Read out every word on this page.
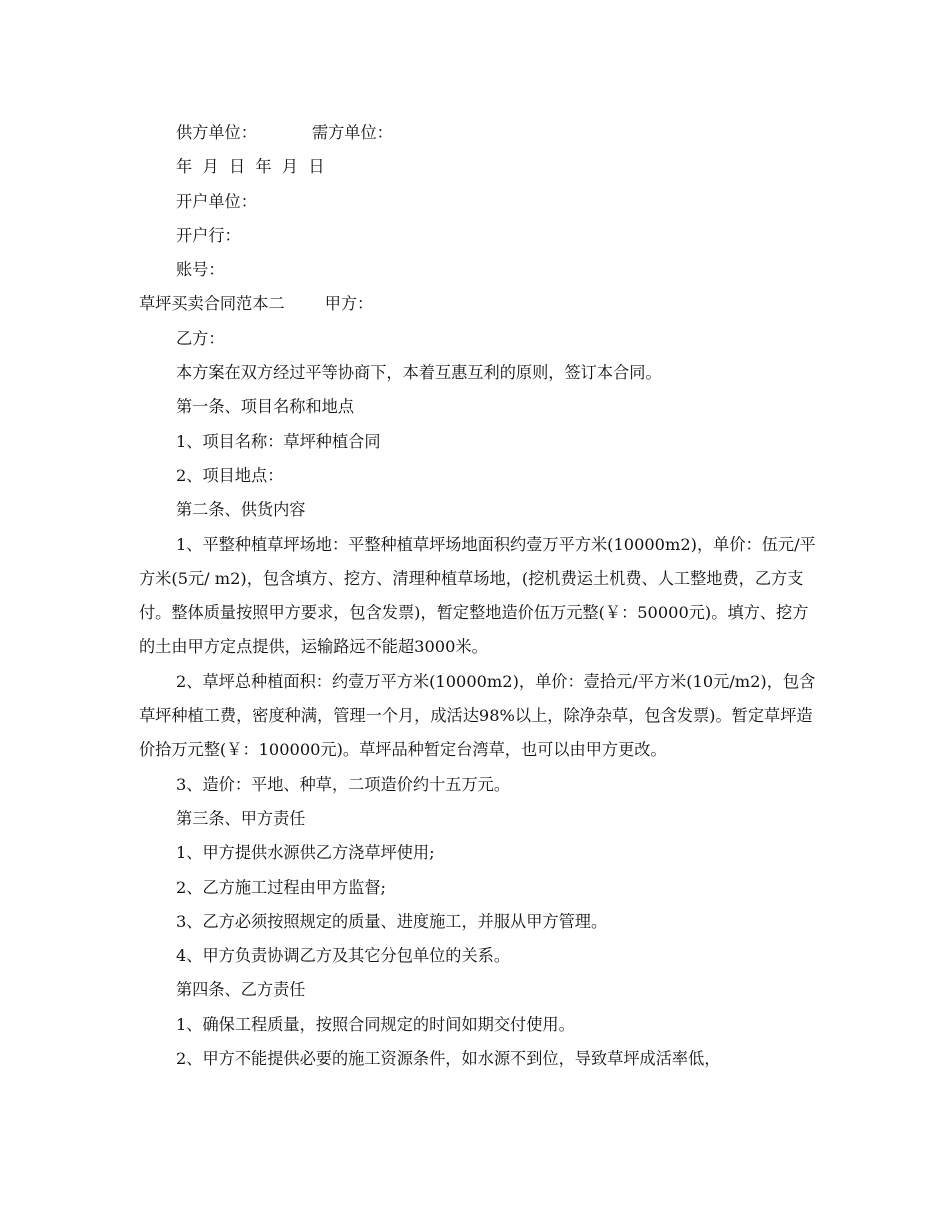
供方单位：	需方单位：
年  月  日  年  月  日
开户单位：
开户行：
账号：
草坪买卖合同范本二 甲方：
乙方：
本方案在双方经过平等协商下，本着互惠互利的原则，签订本合同。
第一条、项目名称和地点
1、项目名称：草坪种植合同
2、项目地点：
第二条、供货内容
1、平整种植草坪场地：平整种植草坪场地面积约壹万平方米(10000m2)，单价：伍元/平方米(5元/ m2)，包含填方、挖方、清理种植草场地，(挖机费运土机费、人工整地费，乙方支付。整体质量按照甲方要求，包含发票)，暂定整地造价伍万元整(￥：50000元)。填方、挖方的土由甲方定点提供，运输路远不能超3000米。
2、草坪总种植面积：约壹万平方米(10000m2)，单价：壹拾元/平方米(10元/m2)，包含草坪种植工费，密度种满，管理一个月，成活达98%以上，除净杂草，包含发票)。暂定草坪造价拾万元整(￥：100000元)。草坪品种暂定台湾草，也可以由甲方更改。
3、造价：平地、种草，二项造价约十五万元。
第三条、甲方责任
1、甲方提供水源供乙方浇草坪使用;
2、乙方施工过程由甲方监督;
3、乙方必须按照规定的质量、进度施工，并服从甲方管理。
4、甲方负责协调乙方及其它分包单位的关系。
第四条、乙方责任
1、确保工程质量，按照合同规定的时间如期交付使用。
2、甲方不能提供必要的施工资源条件，如水源不到位，导致草坪成活率低，
